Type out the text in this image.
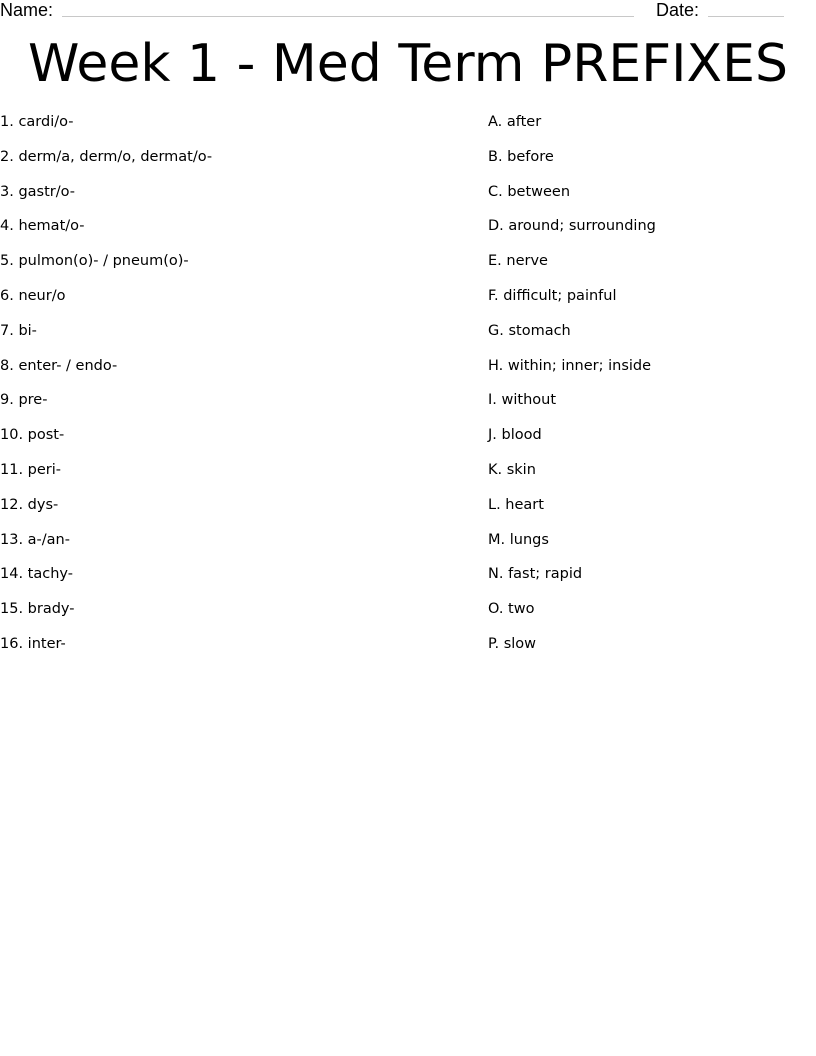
Name:	Date:
Week 1 - Med Term PREFIXES
1. cardi/o-
2. derm/a, derm/o, dermat/o-
3. gastr/o-
4. hemat/o-
5. pulmon(o)- / pneum(o)-
6. neur/o
7. bi-
8. enter- / endo-
9. pre-
10. post-
11. peri-
12. dys-
13. a-/an-
14. tachy-
15. brady-
16. inter-
A. after
B. before
C. between
D. around; surrounding
E. nerve
F. difficult; painful
G. stomach
H. within; inner; inside
I. without
J. blood
K. skin
L. heart
M. lungs
N. fast; rapid
O. two
P. slow
